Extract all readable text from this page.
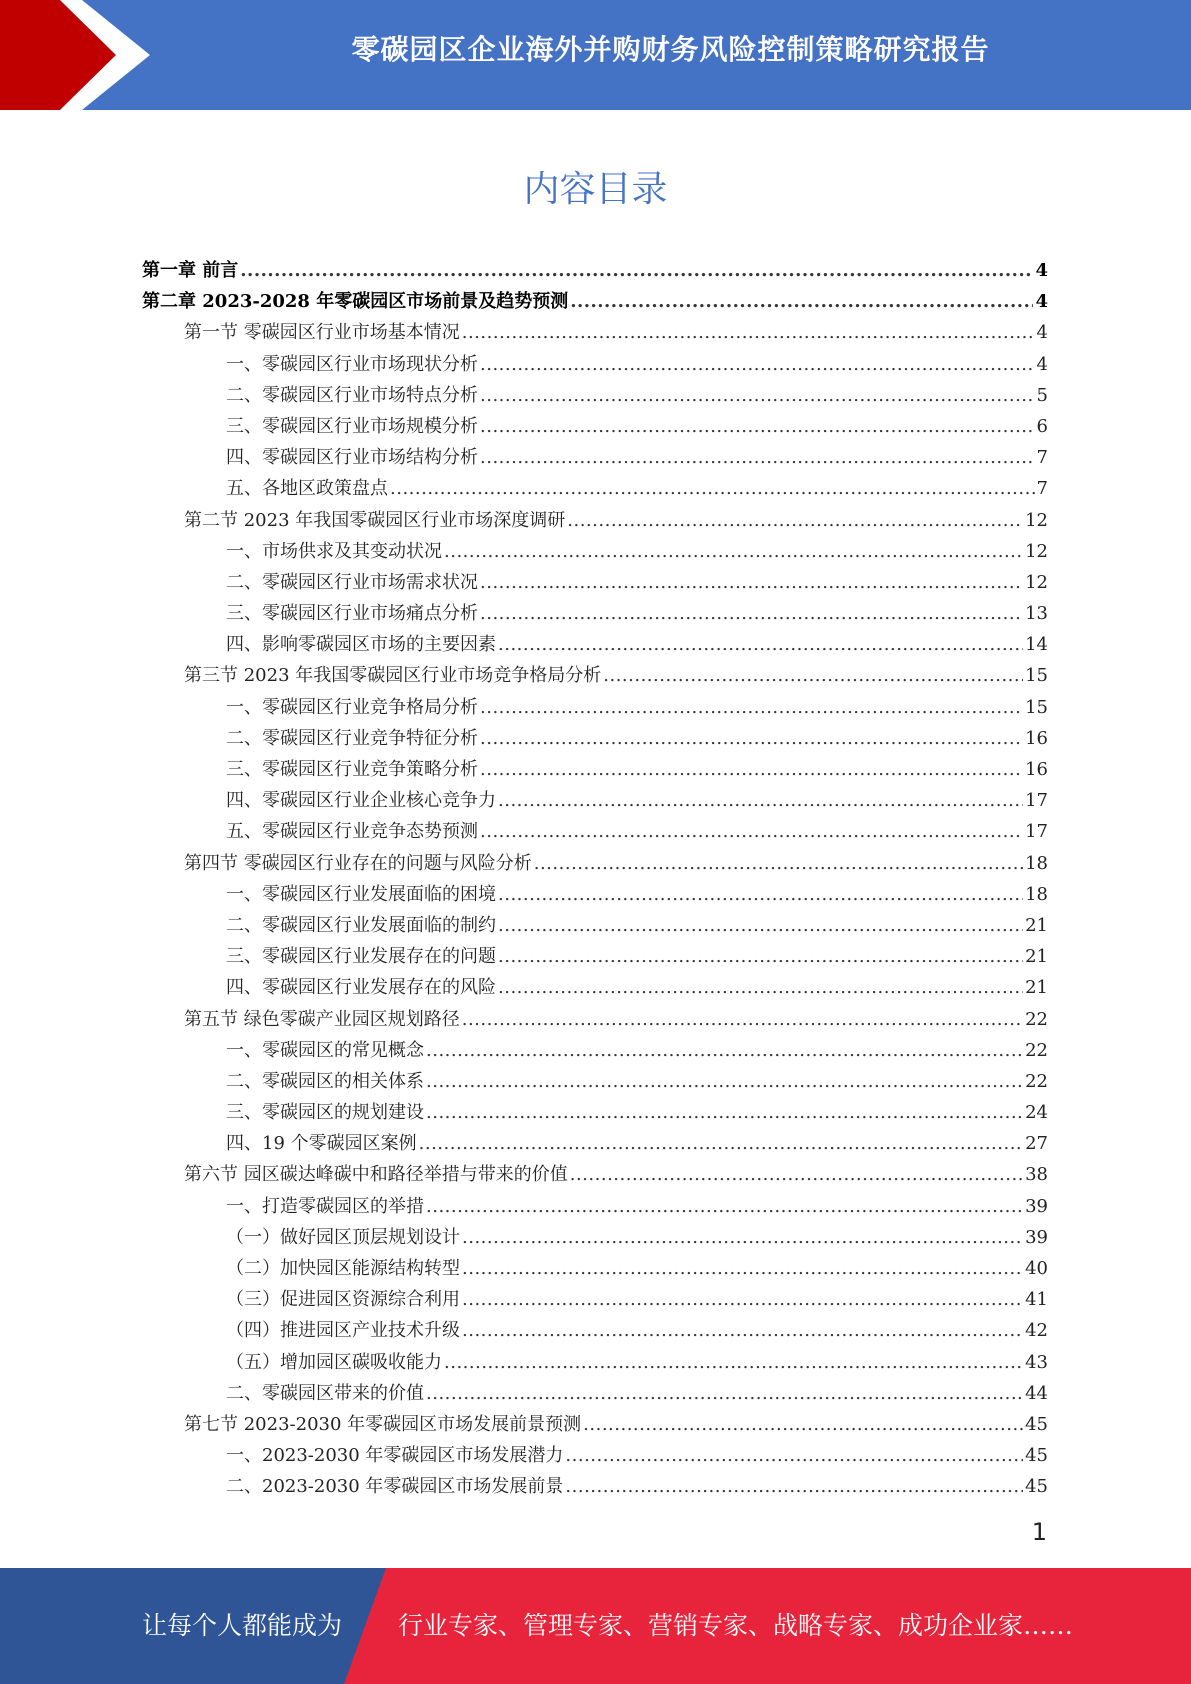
零碳园区企业海外并购财务风险控制策略研究报告
内容目录
第一章 前言 .....	4
第二章 2023-2028 年零碳园区市场前景及趋势预测 .....	4
第一节 零碳园区行业市场基本情况 .....	4
一、零碳园区行业市场现状分析 .....	4
二、零碳园区行业市场特点分析 .....	5
三、零碳园区行业市场规模分析 .....	6
四、零碳园区行业市场结构分析 .....	7
五、各地区政策盘点 .....	7
第二节 2023 年我国零碳园区行业市场深度调研 .....	12
一、市场供求及其变动状况 .....	12
二、零碳园区行业市场需求状况 .....	12
三、零碳园区行业市场痛点分析 .....	13
四、影响零碳园区市场的主要因素 .....	14
第三节 2023 年我国零碳园区行业市场竞争格局分析 .....	15
一、零碳园区行业竞争格局分析 .....	15
二、零碳园区行业竞争特征分析 .....	16
三、零碳园区行业竞争策略分析 .....	16
四、零碳园区行业企业核心竞争力 .....	17
五、零碳园区行业竞争态势预测 .....	17
第四节 零碳园区行业存在的问题与风险分析 .....	18
一、零碳园区行业发展面临的困境 .....	18
二、零碳园区行业发展面临的制约 .....	21
三、零碳园区行业发展存在的问题 .....	21
四、零碳园区行业发展存在的风险 .....	21
第五节 绿色零碳产业园区规划路径 .....	22
一、零碳园区的常见概念 .....	22
二、零碳园区的相关体系 .....	22
三、零碳园区的规划建设 .....	24
四、19 个零碳园区案例 .....	27
第六节 园区碳达峰碳中和路径举措与带来的价值 .....	38
一、打造零碳园区的举措 .....	39
（一）做好园区顶层规划设计 .....	39
（二）加快园区能源结构转型 .....	40
（三）促进园区资源综合利用 .....	41
（四）推进园区产业技术升级 .....	42
（五）增加园区碳吸收能力 .....	43
二、零碳园区带来的价值 .....	44
第七节 2023-2030 年零碳园区市场发展前景预测 .....	45
一、2023-2030 年零碳园区市场发展潜力 .....	45
二、2023-2030 年零碳园区市场发展前景 .....	45
1
让每个人都能成为 行业专家、管理专家、营销专家、战略专家、成功企业家……
